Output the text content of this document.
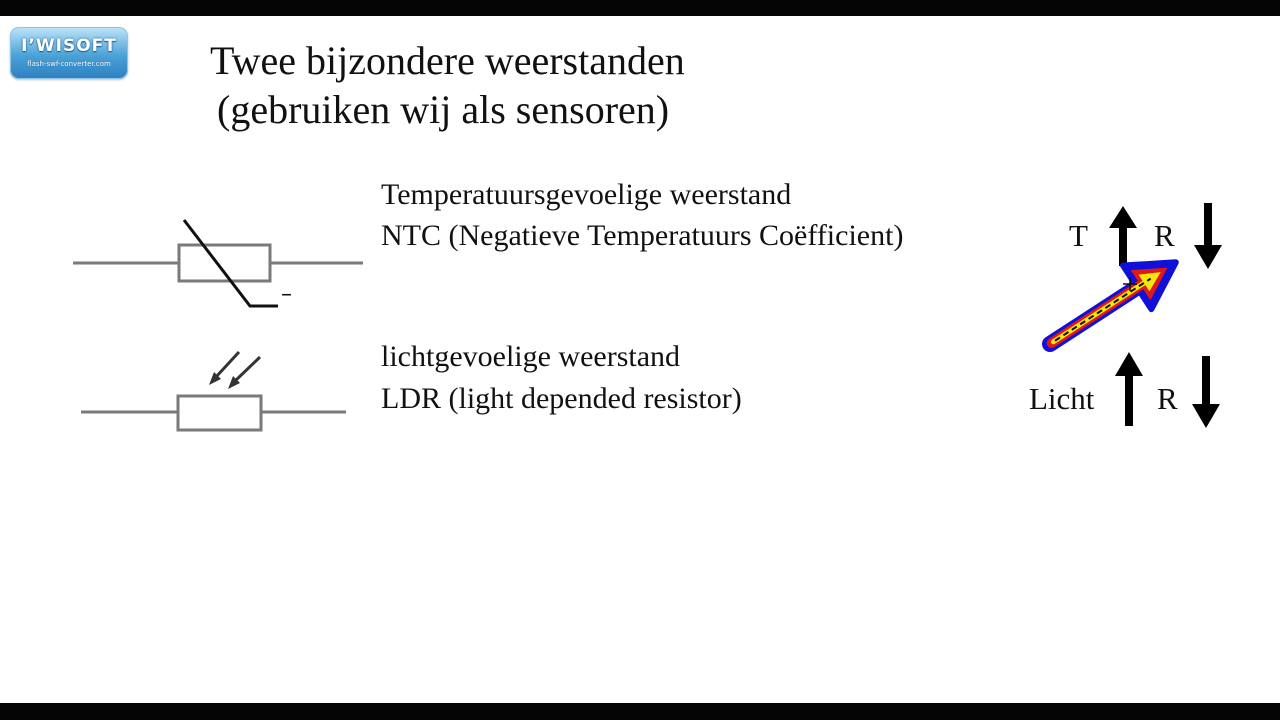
I’WISOFT
flash-swf-converter.com	Twee bijzondere weerstanden
(gebruiken wij als sensoren)
–
Temperatuursgevoelige weerstand
NTC (Negatieve Temperatuurs Coëfficient)	T R
lichtgevoelige weerstand
LDR (light depended resistor)	Licht R
